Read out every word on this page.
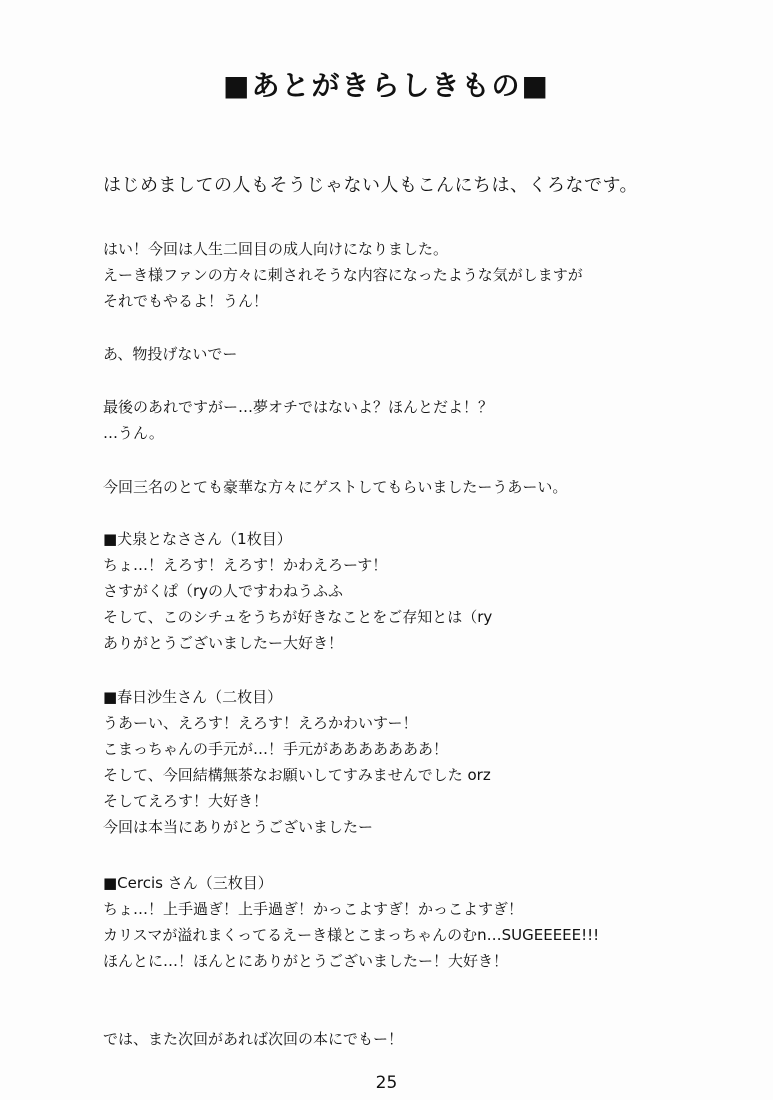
■あとがきらしきもの■
はじめましての人もそうじゃない人もこんにちは、くろなです。
はい！今回は人生二回目の成人向けになりました。
えーき様ファンの方々に刺されそうな内容になったような気がしますが
それでもやるよ！うん！
あ、物投げないでー
最後のあれですがー…夢オチではないよ？ほんとだよ！？
…うん。
今回三名のとても豪華な方々にゲストしてもらいましたーうあーい。
■犬泉となささん（1枚目）
ちょ…！えろす！えろす！かわえろーす！
さすがくぱ（ryの人ですわねうふふ
そして、このシチュをうちが好きなことをご存知とは（ry
ありがとうございましたー大好き！
■春日沙生さん（二枚目）
うあーい、えろす！えろす！えろかわいすー！
こまっちゃんの手元が…！手元があああああああ！
そして、今回結構無茶なお願いしてすみませんでした orz
そしてえろす！大好き！
今回は本当にありがとうございましたー
■Cercis さん（三枚目）
ちょ…！上手過ぎ！上手過ぎ！かっこよすぎ！かっこよすぎ！
カリスマが溢れまくってるえーき様とこまっちゃんのむn…SUGEEEEE!!!
ほんとに…！ほんとにありがとうございましたー！大好き！
では、また次回があれば次回の本にでもー！
25
